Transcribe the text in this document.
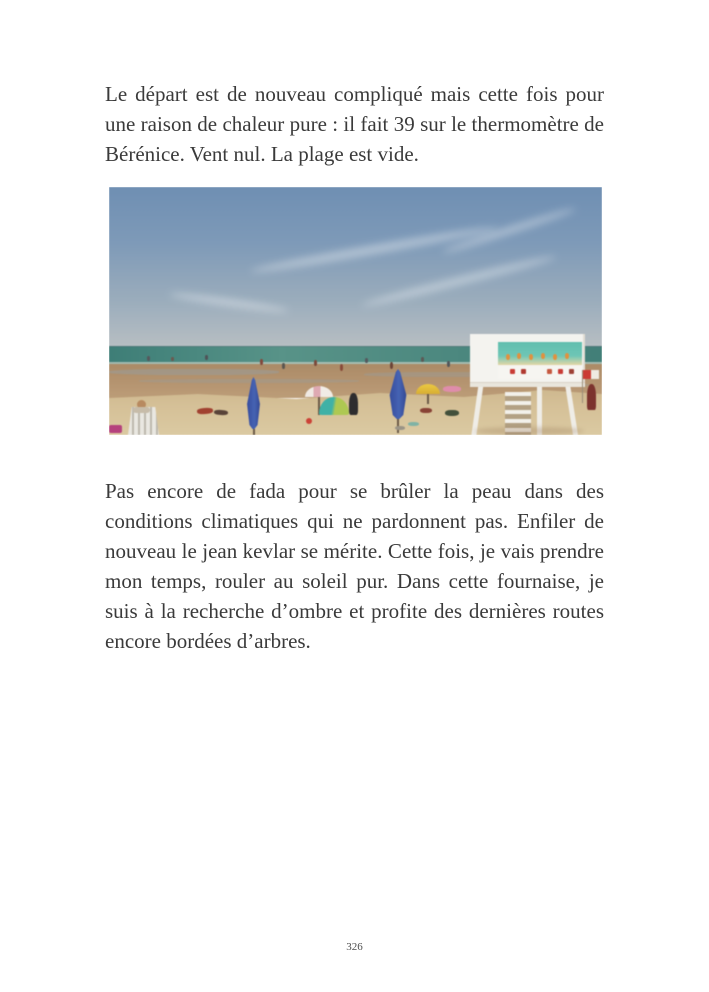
Le départ est de nouveau compliqué mais cette fois pour une raison de chaleur pure : il fait 39 sur le thermomètre de Bérénice. Vent nul. La plage est vide.

Pas encore de fada pour se brûler la peau dans des conditions climatiques qui ne pardonnent pas. Enfiler de nouveau le jean kevlar se mérite. Cette fois, je vais prendre mon temps, rouler au soleil pur. Dans cette fournaise, je suis à la recherche d’ombre et profite des dernières routes encore bordées d’arbres.

326
